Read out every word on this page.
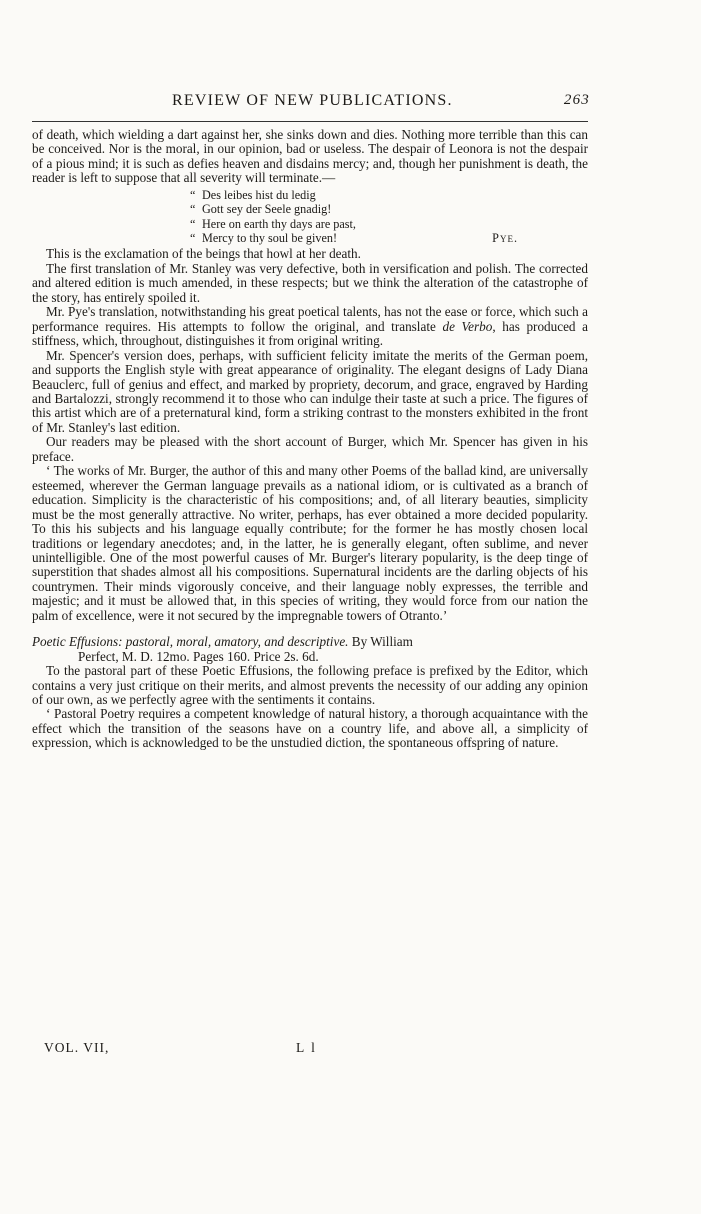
REVIEW OF NEW PUBLICATIONS.	263

of death, which wielding a dart against her, she sinks down and dies. Nothing more terrible than this can be conceived. Nor is the moral, in our opinion, bad or useless. The despair of Leonora is not the despair of a pious mind; it is such as defies heaven and disdains mercy; and, though her punishment is death, the reader is left to suppose that all severity will terminate.—

“ Des leibes hist du ledig
“ Gott sey der Seele gnadig!
“ Here on earth thy days are past,
“ Mercy to thy soul be given!	Pye.

This is the exclamation of the beings that howl at her death.

The first translation of Mr. Stanley was very defective, both in versification and polish. The corrected and altered edition is much amended, in these respects; but we think the alteration of the catastrophe of the story, has entirely spoiled it.

Mr. Pye's translation, notwithstanding his great poetical talents, has not the ease or force, which such a performance requires. His attempts to follow the original, and translate de Verbo, has produced a stiffness, which, throughout, distinguishes it from original writing.

Mr. Spencer's version does, perhaps, with sufficient felicity imitate the merits of the German poem, and supports the English style with great appearance of originality. The elegant designs of Lady Diana Beauclerc, full of genius and effect, and marked by propriety, decorum, and grace, engraved by Harding and Bartalozzi, strongly recommend it to those who can indulge their taste at such a price. The figures of this artist which are of a preternatural kind, form a striking contrast to the monsters exhibited in the front of Mr. Stanley's last edition.

Our readers may be pleased with the short account of Burger, which Mr. Spencer has given in his preface.

‘ The works of Mr. Burger, the author of this and many other Poems of the ballad kind, are universally esteemed, wherever the German language prevails as a national idiom, or is cultivated as a branch of education. Simplicity is the characteristic of his compositions; and, of all literary beauties, simplicity must be the most generally attractive. No writer, perhaps, has ever obtained a more decided popularity. To this his subjects and his language equally contribute; for the former he has mostly chosen local traditions or legendary anecdotes; and, in the latter, he is generally elegant, often sublime, and never unintelligible. One of the most powerful causes of Mr. Burger's literary popularity, is the deep tinge of superstition that shades almost all his compositions. Supernatural incidents are the darling objects of his countrymen. Their minds vigorously conceive, and their language nobly expresses, the terrible and majestic; and it must be allowed that, in this species of writing, they would force from our nation the palm of excellence, were it not secured by the impregnable towers of Otranto.’

Poetic Effusions: pastoral, moral, amatory, and descriptive. By William

Perfect, M. D. 12mo. Pages 160. Price 2s. 6d.

To the pastoral part of these Poetic Effusions, the following preface is prefixed by the Editor, which contains a very just critique on their merits, and almost prevents the necessity of our adding any opinion of our own, as we perfectly agree with the sentiments it contains.

‘ Pastoral Poetry requires a competent knowledge of natural history, a thorough acquaintance with the effect which the transition of the seasons have on a country life, and above all, a simplicity of expression, which is acknowledged to be the unstudied diction, the spontaneous offspring of nature.

VOL. VII,	L l
